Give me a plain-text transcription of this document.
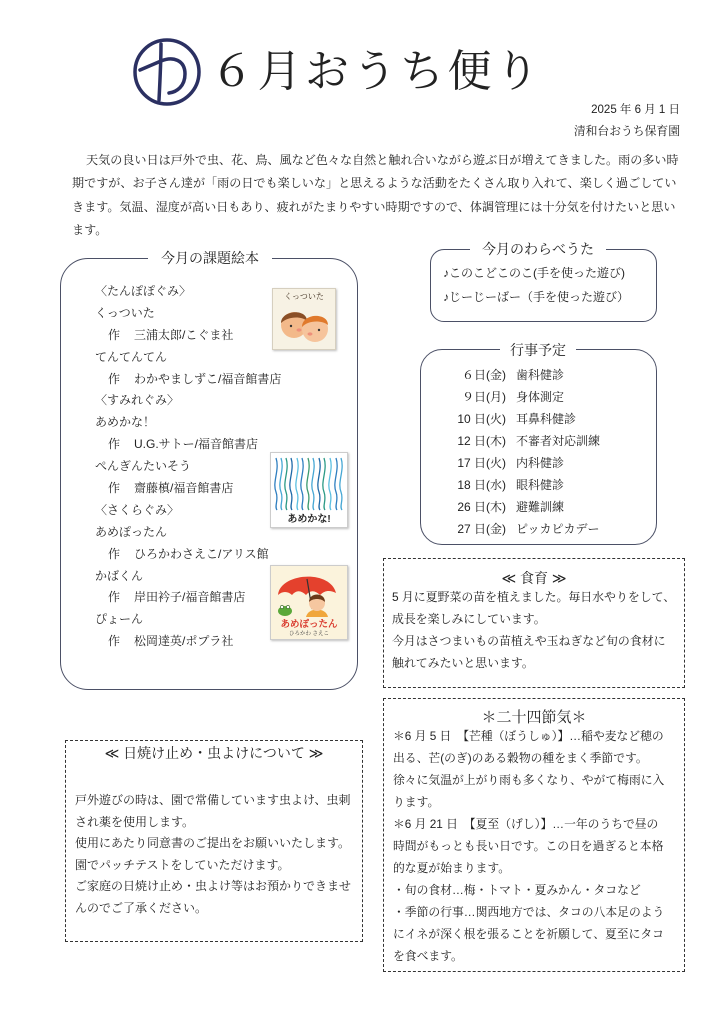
６月おうち便り
2025 年 6 月 1 日
清和台おうち保育園
天気の良い日は戸外で虫、花、鳥、風など色々な自然と触れ合いながら遊ぶ日が増えてきました。雨の多い時
期ですが、お子さん達が「雨の日でも楽しいな」と思えるような活動をたくさん取り入れて、楽しく過ごしてい
きます。気温、湿度が高い日もあり、疲れがたまりやすい時期ですので、体調管理には十分気を付けたいと思い
ます。
今月の課題絵本
〈たんぽぽぐみ〉
くっついた
作 三浦太郎/こぐま社
てんてんてん
作 わかやましずこ/福音館書店
〈すみれぐみ〉
あめかな！
作 U.G.サトー/福音館書店
ぺんぎんたいそう
作 齋藤槙/福音館書店
〈さくらぐみ〉
あめぽったん
作 ひろかわさえこ/アリス館
かばくん
作 岸田衿子/福音館書店
ぴょーん
作 松岡達英/ポプラ社
くっついた
あめかな!
あめぽったん
ひろかわ さえこ
今月のわらべうた
♪このこどこのこ(手を使った遊び)
♪じーじーばー（手を使った遊び）
行事予定
６日(金) 歯科健診
９日(月) 身体測定
10 日(火) 耳鼻科健診
12 日(木) 不審者対応訓練
17 日(火) 内科健診
18 日(水) 眼科健診
26 日(木) 避難訓練
27 日(金) ピッカピカデー
≪ 食育 ≫
5 月に夏野菜の苗を植えました。毎日水やりをして、
成長を楽しみにしています。
今月はさつまいもの苗植えや玉ねぎなど旬の食材に
触れてみたいと思います。
＊二十四節気＊
＊6 月 5 日　【芒種（ぼうしゅ）】…稲や麦など穂の
出る、芒(のぎ)のある穀物の種をまく季節です。
徐々に気温が上がり雨も多くなり、やがて梅雨に入
ります。
＊6 月 21 日　【夏至（げし）】…一年のうちで昼の
時間がもっとも長い日です。この日を過ぎると本格
的な夏が始まります。
・旬の食材…梅・トマト・夏みかん・タコなど
・季節の行事…関西地方では、タコの八本足のよう
にイネが深く根を張ることを祈願して、夏至にタコ
を食べます。
≪ 日焼け止め・虫よけについて ≫
戸外遊びの時は、園で常備しています虫よけ、虫刺
され薬を使用します。
使用にあたり同意書のご提出をお願いいたします。
園でパッチテストをしていただけます。
ご家庭の日焼け止め・虫よけ等はお預かりできませ
んのでご了承ください。
